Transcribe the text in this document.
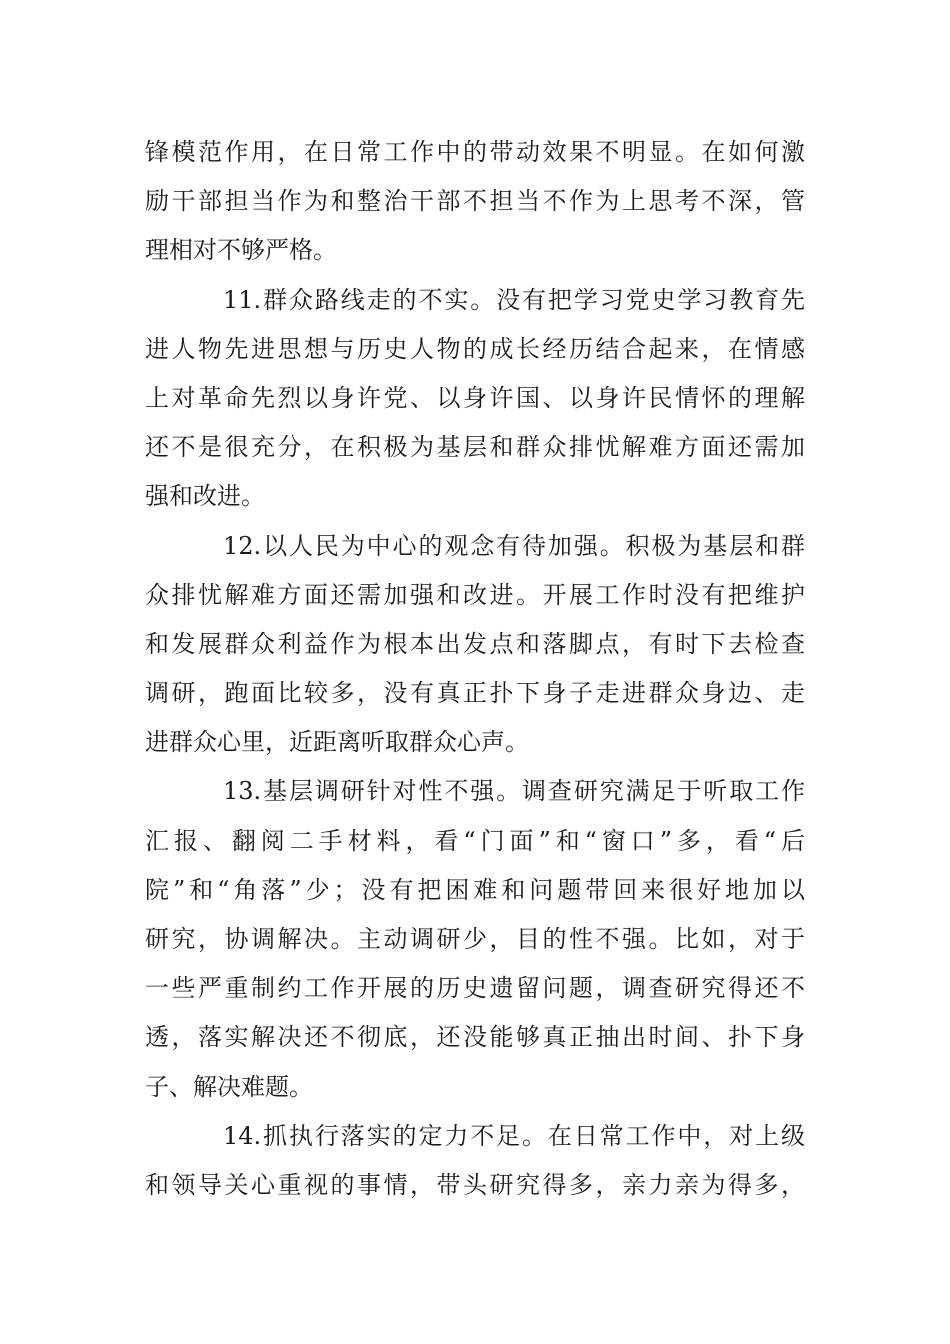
锋模范作用，在日常工作中的带动效果不明显。在如何激
励干部担当作为和整治干部不担当不作为上思考不深，管
理相对不够严格。
11.群众路线走的不实。没有把学习党史学习教育先
进人物先进思想与历史人物的成长经历结合起来，在情感
上对革命先烈以身许党、以身许国、以身许民情怀的理解
还不是很充分，在积极为基层和群众排忧解难方面还需加
强和改进。
12.以人民为中心的观念有待加强。积极为基层和群
众排忧解难方面还需加强和改进。开展工作时没有把维护
和发展群众利益作为根本出发点和落脚点，有时下去检查
调研，跑面比较多，没有真正扑下身子走进群众身边、走
进群众心里，近距离听取群众心声。
13.基层调研针对性不强。调查研究满足于听取工作
汇报、翻阅二手材料，看“门面”和“窗口”多，看“后
院”和“角落”少；没有把困难和问题带回来很好地加以
研究，协调解决。主动调研少，目的性不强。比如，对于
一些严重制约工作开展的历史遗留问题，调查研究得还不
透，落实解决还不彻底，还没能够真正抽出时间、扑下身
子、解决难题。
14.抓执行落实的定力不足。在日常工作中，对上级
和领导关心重视的事情，带头研究得多，亲力亲为得多，
